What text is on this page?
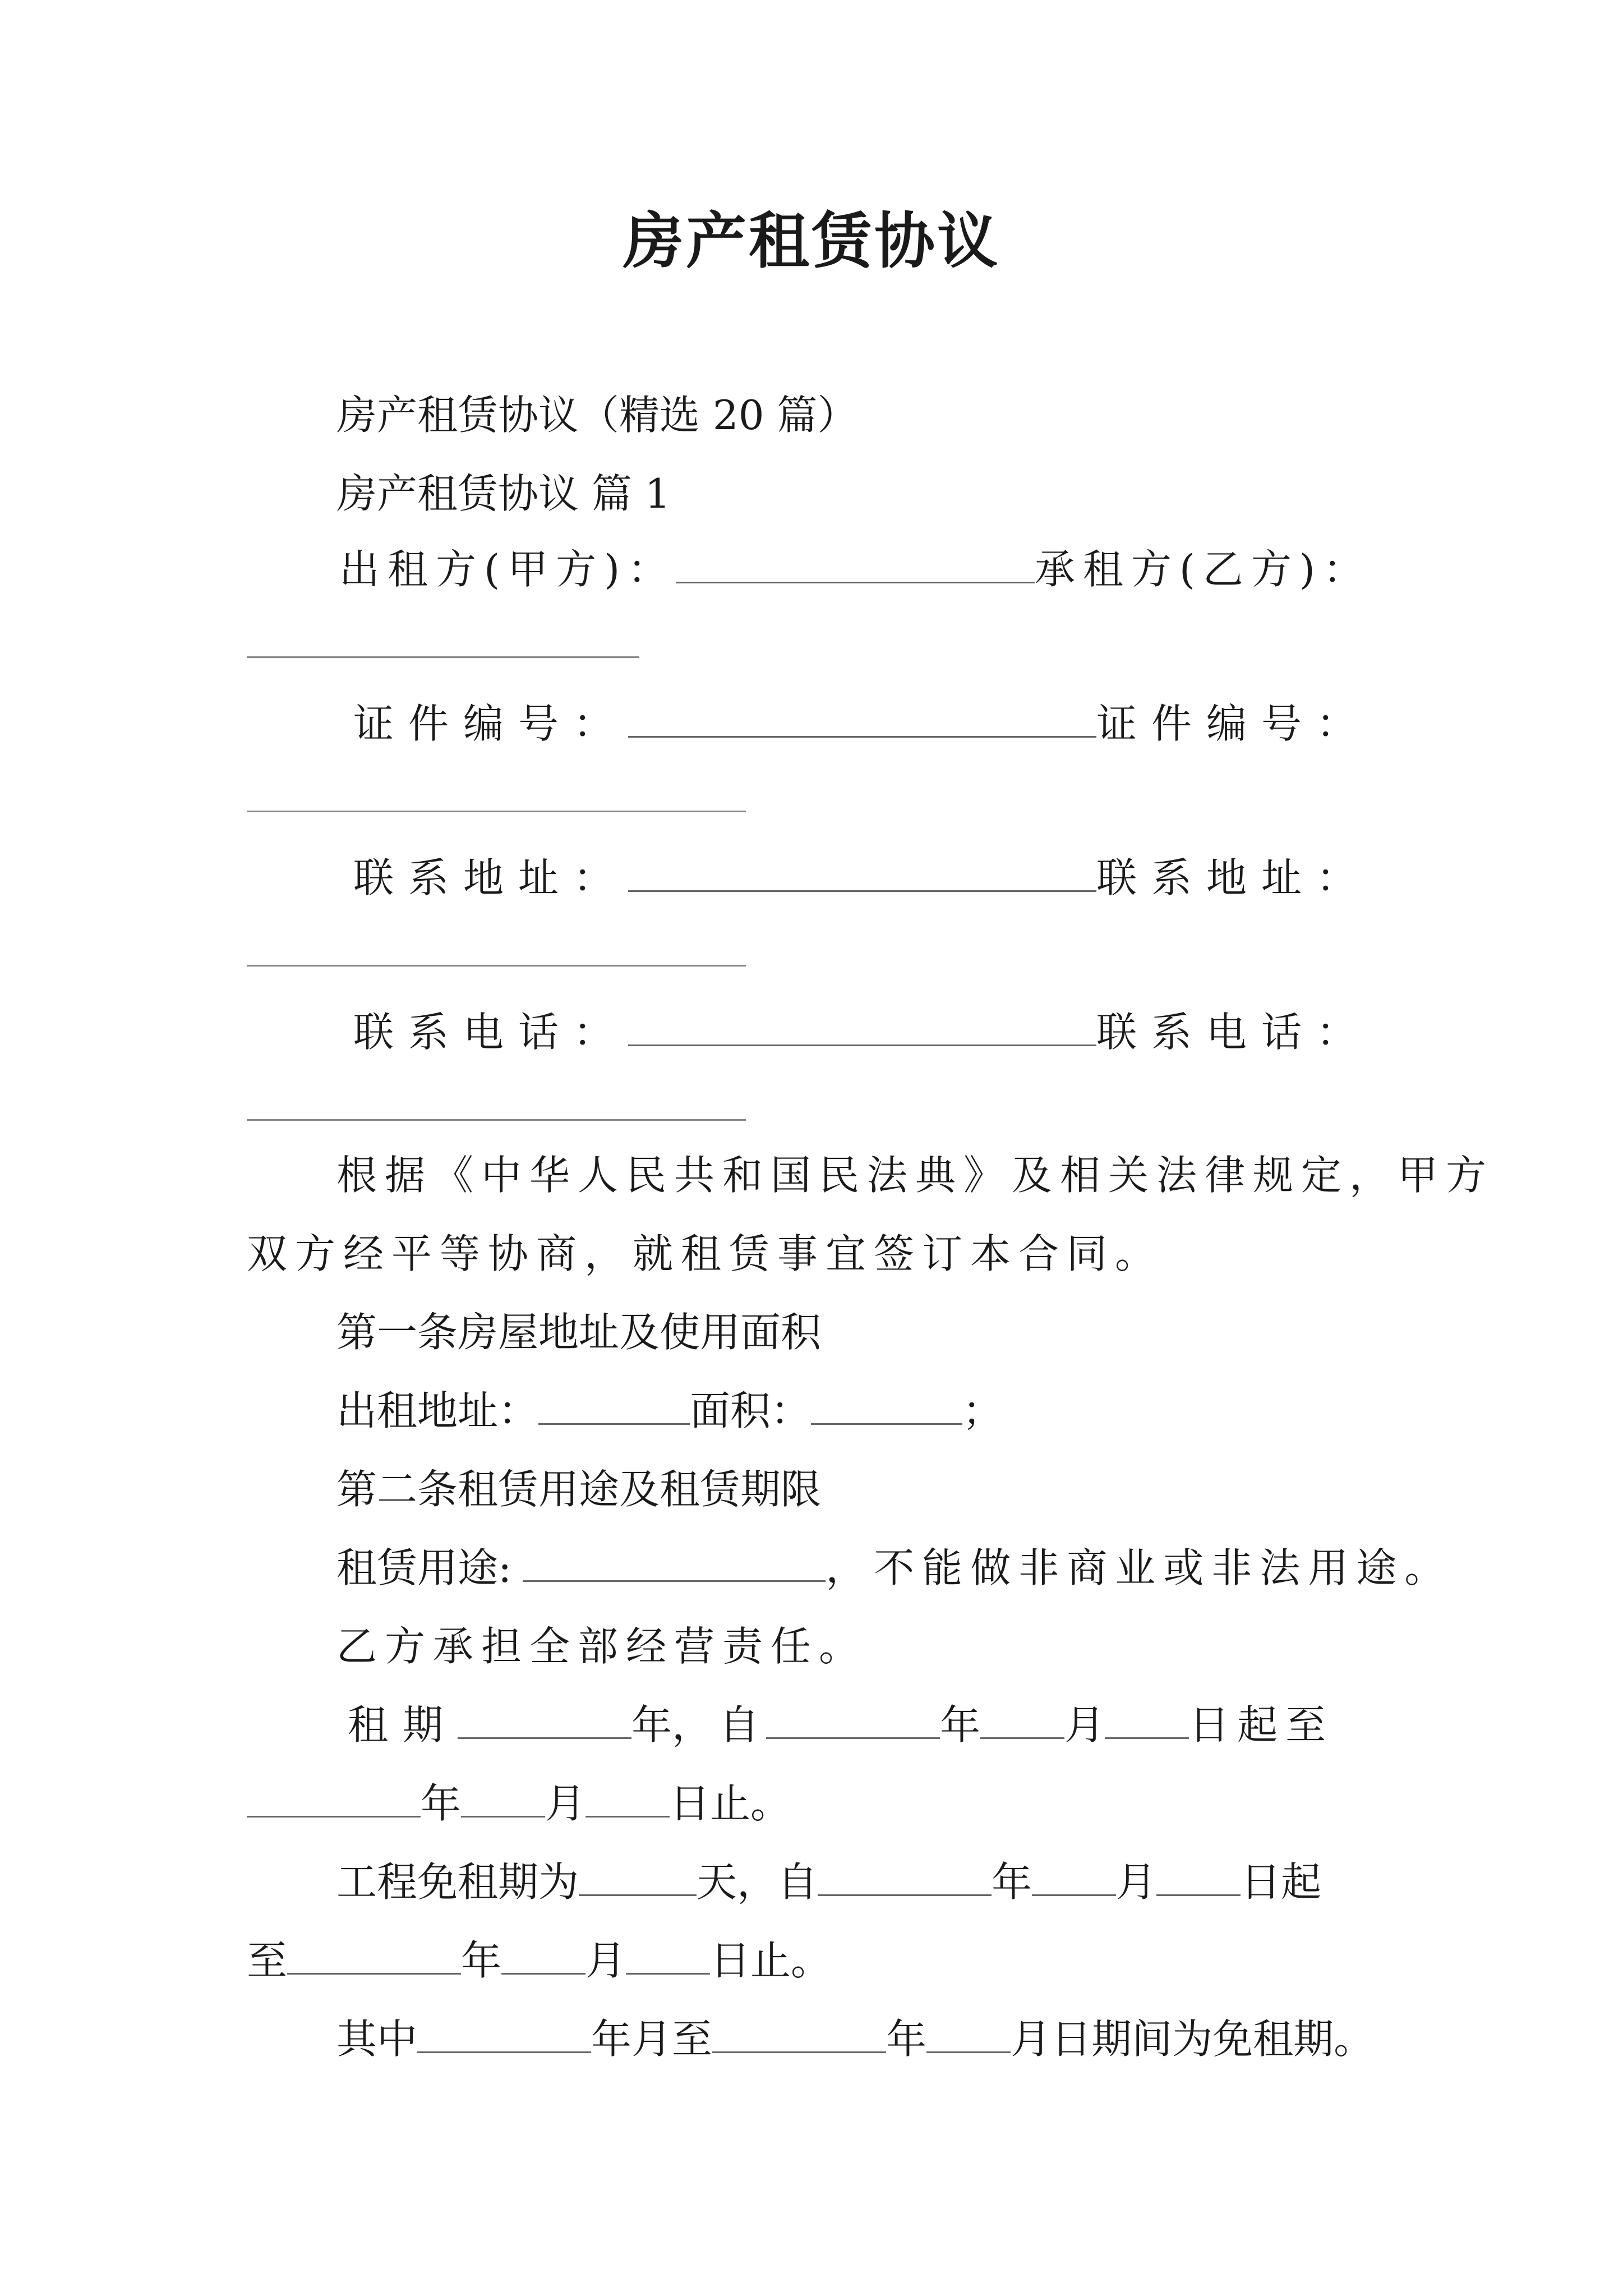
房产租赁协议
房产租赁协议（精选 20 篇）
房产租赁协议 篇 1
出租方(甲方)：	承租方(乙方)：
证件编号：	证件编号：
联系地址：	联系地址：
联系电话：	联系电话：
根据《中华人民共和国民法典》及相关法律规定，甲方
双方经平等协商，就租赁事宜签订本合同。
第一条房屋地址及使用面积
出租地址：	面积：	；
第二条租赁用途及租赁期限
租赁用途:	，不能做非商业或非法用途。
乙方承担全部经营责任。
租期	年，自	年 月 日起至
年 月 日止。
工程免租期为	天，自	年 月 日起
至	年 月 日止。
其中	年月至	年 月日期间为免租期。
